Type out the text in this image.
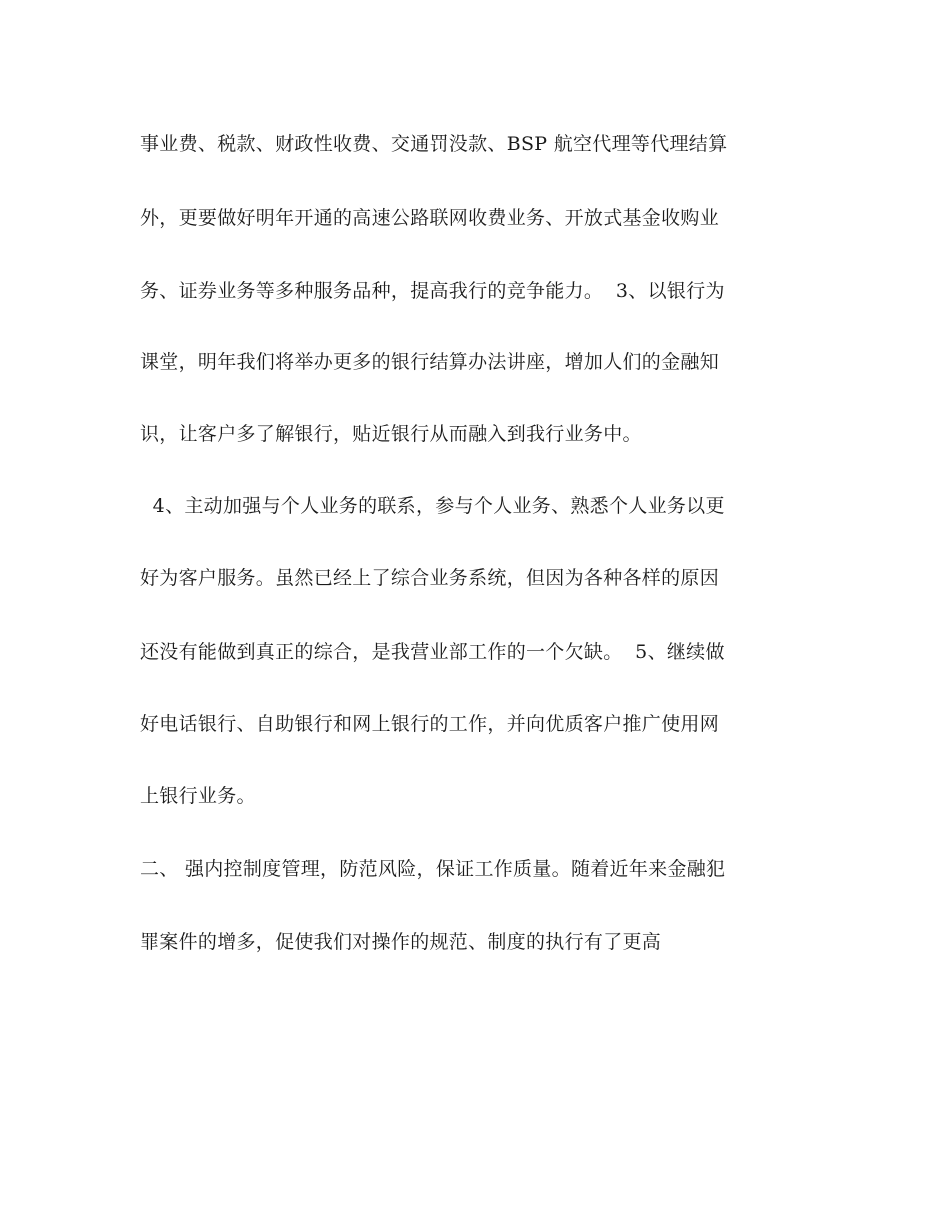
事业费、税款、财政性收费、交通罚没款、BSP 航空代理等代理结算
外，更要做好明年开通的高速公路联网收费业务、开放式基金收购业
务、证券业务等多种服务品种，提高我行的竞争能力。  3、以银行为
课堂，明年我们将举办更多的银行结算办法讲座，增加人们的金融知
识，让客户多了解银行，贴近银行从而融入到我行业务中。
4、主动加强与个人业务的联系，参与个人业务、熟悉个人业务以更
好为客户服务。虽然已经上了综合业务系统，但因为各种各样的原因
还没有能做到真正的综合，是我营业部工作的一个欠缺。  5、继续做
好电话银行、自助银行和网上银行的工作，并向优质客户推广使用网
上银行业务。
二、 强内控制度管理，防范风险，保证工作质量。随着近年来金融犯
罪案件的增多，促使我们对操作的规范、制度的执行有了更高
